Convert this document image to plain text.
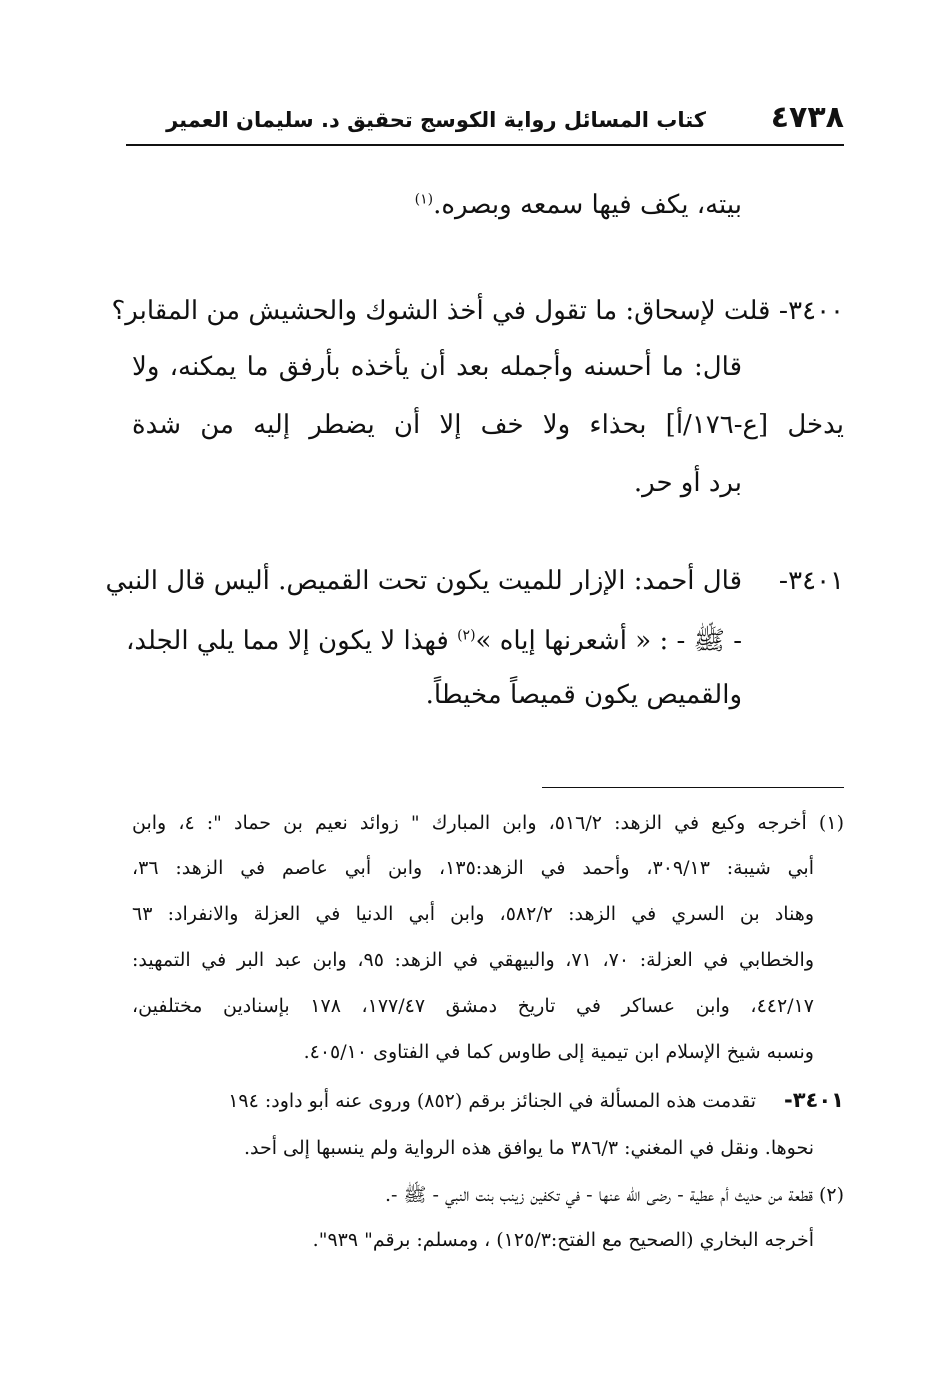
٤٧٣٨
كتاب المسائل رواية الكوسج تحقيق د. سليمان العمير
بيته، يكف فيها سمعه وبصره.$^{(١)}$
٣٤٠٠- قلت لإسحاق: ما تقول في أخذ الشوك والحشيش من المقابر؟
قال: ما أحسنه وأجمله بعد أن يأخذه بأرفق ما يمكنه، ولا
يدخل [ع-١٧٦/أ] بحذاء ولا خف إلا أن يضطر إليه من شدة
برد أو حر.
٣٤٠١-
قال أحمد: الإزار للميت يكون تحت القميص. أليس قال النبي
- ﷺ - : « أشعرنها إياه »$^{(٢)}$ فهذا لا يكون إلا مما يلي الجلد،
والقميص يكون قميصاً مخيطاً.
(١) أخرجه وكيع في الزهد: ٥١٦/٢، وابن المبارك " زوائد نعيم بن حماد ": ٤، وابن
أبي شيبة: ٣٠٩/١٣، وأحمد في الزهد:١٣٥، وابن أبي عاصم في الزهد: ٣٦،
وهناد بن السري في الزهد: ٥٨٢/٢، وابن أبي الدنيا في العزلة والانفراد: ٦٣
والخطابي في العزلة: ٧٠، ٧١، والبيهقي في الزهد: ٩٥، وابن عبد البر في التمهيد:
٤٤٢/١٧، وابن عساكر في تاريخ دمشق ١٧٧/٤٧، ١٧٨ بإسنادين مختلفين،
ونسبه شيخ الإسلام ابن تيمية إلى طاوس كما في الفتاوى ٤٠٥/١٠.
٣٤٠١-
تقدمت هذه المسألة في الجنائز برقم (٨٥٢) وروى عنه أبو داود: ١٩٤
نحوها. ونقل في المغني: ٣٨٦/٣ ما يوافق هذه الرواية ولم ينسبها إلى أحد.
(٢) قطعة من حديث أم عطية - رضى الله عنها - في تكفين زينب بنت النبي - ﷺ -.
أخرجه البخاري (الصحيح مع الفتح:١٢٥/٣) ، ومسلم: برقم" ٩٣٩".
